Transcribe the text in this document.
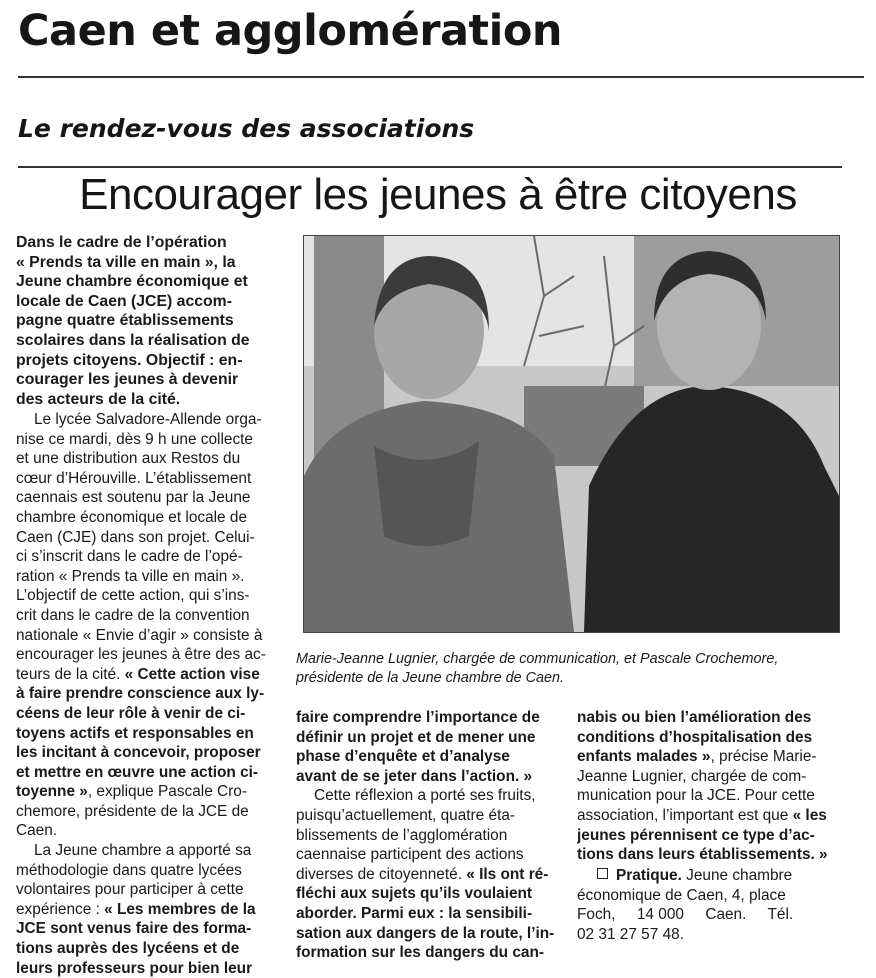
Caen et agglomération
Le rendez-vous des associations
Encourager les jeunes à être citoyens
Dans le cadre de l’opération
« Prends ta ville en main », la
Jeune chambre économique et
locale de Caen (JCE) accom-
pagne quatre établissements
scolaires dans la réalisation de
projets citoyens. Objectif : en-
courager les jeunes à devenir
des acteurs de la cité.
Le lycée Salvadore-Allende orga-
nise ce mardi, dès 9 h une collecte
et une distribution aux Restos du
cœur d’Hérouville. L’établissement
caennais est soutenu par la Jeune
chambre économique et locale de
Caen (CJE) dans son projet. Celui-
ci s’inscrit dans le cadre de l’opé-
ration « Prends ta ville en main ».
L’objectif de cette action, qui s’ins-
crit dans le cadre de la convention
nationale « Envie d’agir » consiste à
encourager les jeunes à être des ac-
teurs de la cité. « Cette action vise
à faire prendre conscience aux ly-
céens de leur rôle à venir de ci-
toyens actifs et responsables en
les incitant à concevoir, proposer
et mettre en œuvre une action ci-
toyenne », explique Pascale Cro-
chemore, présidente de la JCE de
Caen.
La Jeune chambre a apporté sa
méthodologie dans quatre lycées
volontaires pour participer à cette
expérience : « Les membres de la
JCE sont venus faire des forma-
tions auprès des lycéens et de
leurs professeurs pour bien leur
Marie-Jeanne Lugnier, chargée de communication, et Pascale Crochemore,
présidente de la Jeune chambre de Caen.
faire comprendre l’importance de
définir un projet et de mener une
phase d’enquête et d’analyse
avant de se jeter dans l’action. »
Cette réflexion a porté ses fruits,
puisqu’actuellement, quatre éta-
blissements de l’agglomération
caennaise participent des actions
diverses de citoyenneté. « Ils ont ré-
fléchi aux sujets qu’ils voulaient
aborder. Parmi eux : la sensibili-
sation aux dangers de la route, l’in-
formation sur les dangers du can-
nabis ou bien l’amélioration des
conditions d’hospitalisation des
enfants malades », précise Marie-
Jeanne Lugnier, chargée de com-
munication pour la JCE. Pour cette
association, l’important est que « les
jeunes pérennisent ce type d’ac-
tions dans leurs établissements. »
Pratique. Jeune chambre
économique de Caen, 4, place
Foch,     14 000     Caen.     Tél.
02 31 27 57 48.
